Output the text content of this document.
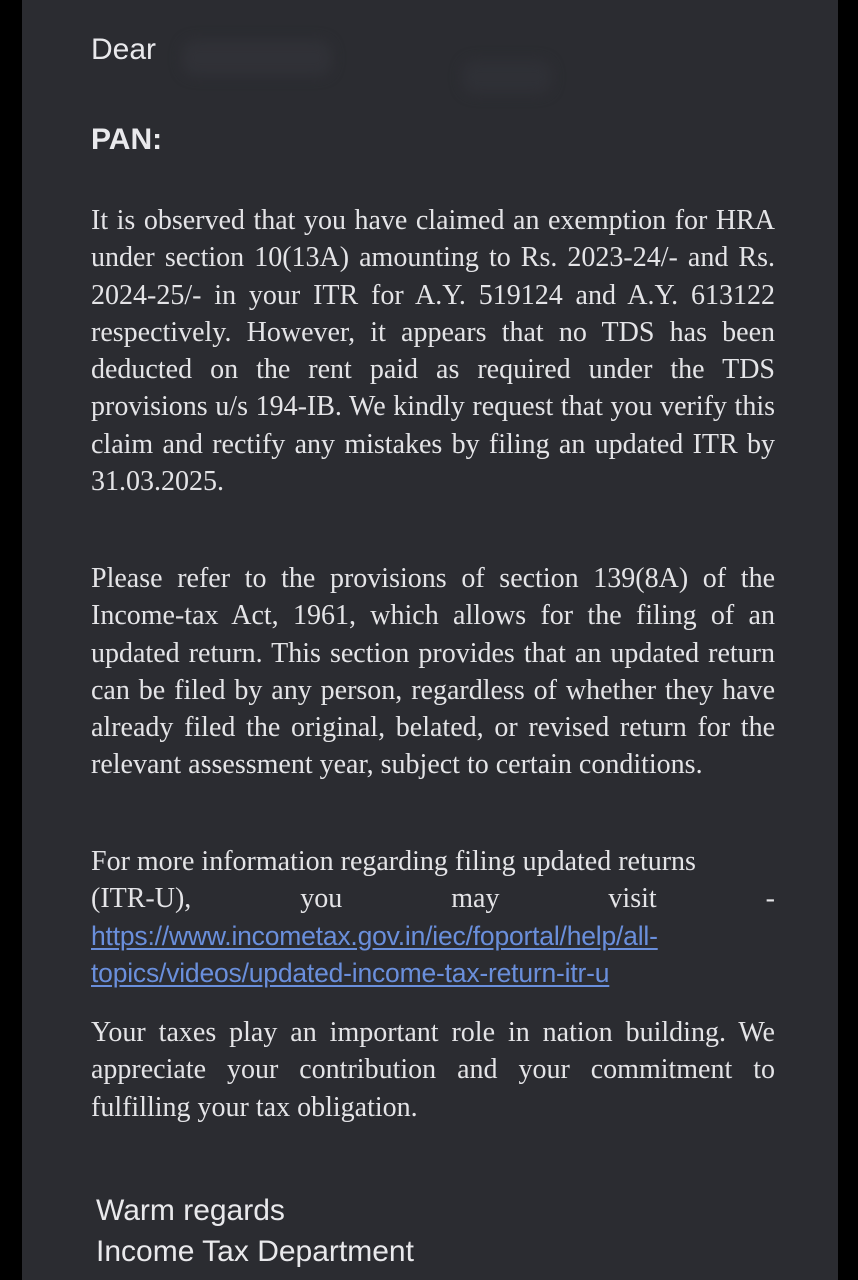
Dear
PAN:

It is observed that you have claimed an exemption for HRA under section 10(13A) amounting to Rs. 2023-24/- and Rs. 2024-25/- in your ITR for A.Y. 519124 and A.Y. 613122 respectively. However, it appears that no TDS has been deducted on the rent paid as required under the TDS provisions u/s 194-IB. We kindly request that you verify this claim and rectify any mistakes by filing an updated ITR by 31.03.2025.

Please refer to the provisions of section 139(8A) of the Income-tax Act, 1961, which allows for the filing of an updated return. This section provides that an updated return can be filed by any person, regardless of whether they have already filed the original, belated, or revised return for the relevant assessment year, subject to certain conditions.

For more information regarding filing updated returns
(ITR-U),	you	may	visit	-
https://www.incometax.gov.in/iec/foportal/help/all-
topics/videos/updated-income-tax-return-itr-u

Your taxes play an important role in nation building. We appreciate your contribution and your commitment to fulfilling your tax obligation.

Warm regards
Income Tax Department
